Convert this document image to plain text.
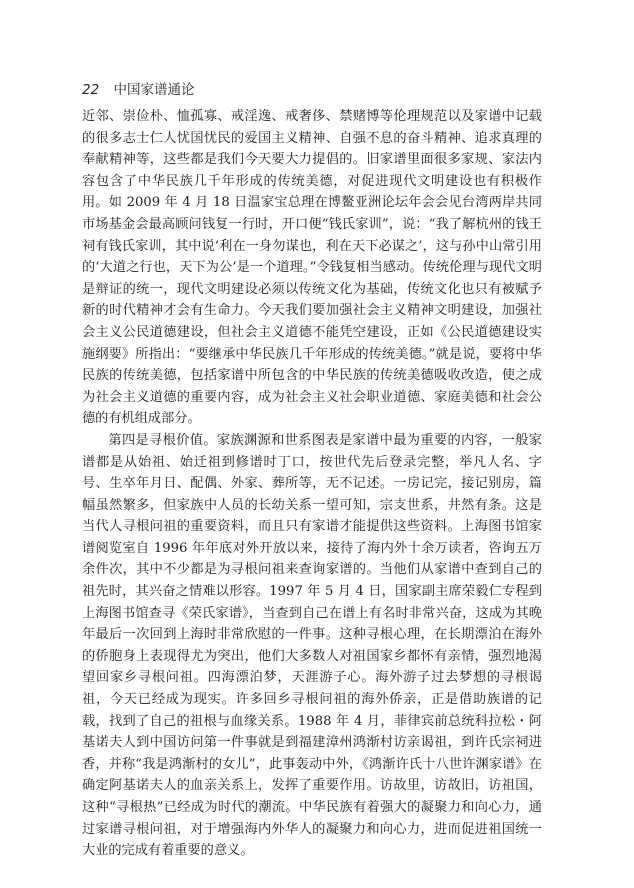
22 中国家谱通论

近邻、崇俭朴、恤孤寡、戒淫逸、戒奢侈、禁赌博等伦理规范以及家谱中记载的很多志士仁人忧国忧民的爱国主义精神、自强不息的奋斗精神、追求真理的奉献精神等，这些都是我们今天要大力提倡的。旧家谱里面很多家规、家法内容包含了中华民族几千年形成的传统美德，对促进现代文明建设也有积极作用。如 2009 年 4 月 18 日温家宝总理在博鳌亚洲论坛年会会见台湾两岸共同市场基金会最高顾问钱复一行时，开口便“钱氏家训”，说：“我了解杭州的钱王祠有钱氏家训，其中说‘利在一身勿谋也，利在天下必谋之’，这与孙中山常引用的‘大道之行也，天下为公’是一个道理。”令钱复相当感动。传统伦理与现代文明是辩证的统一，现代文明建设必须以传统文化为基础，传统文化也只有被赋予新的时代精神才会有生命力。今天我们要加强社会主义精神文明建设，加强社会主义公民道德建设，但社会主义道德不能凭空建设，正如《公民道德建设实施纲要》所指出：“要继承中华民族几千年形成的传统美德。”就是说，要将中华民族的传统美德，包括家谱中所包含的中华民族的传统美德吸收改造，使之成为社会主义道德的重要内容，成为社会主义社会职业道德、家庭美德和社会公德的有机组成部分。

第四是寻根价值。家族渊源和世系图表是家谱中最为重要的内容，一般家谱都是从始祖、始迁祖到修谱时丁口，按世代先后登录完整，举凡人名、字号、生卒年月日、配偶、外家、葬所等，无不记述。一房记完，接记别房，篇幅虽然繁多，但家族中人员的长幼关系一望可知，宗支世系，井然有条。这是当代人寻根问祖的重要资料，而且只有家谱才能提供这些资料。上海图书馆家谱阅览室自 1996 年年底对外开放以来，接待了海内外十余万读者，咨询五万余件次，其中不少都是为寻根问祖来查询家谱的。当他们从家谱中查到自己的祖先时，其兴奋之情难以形容。1997 年 5 月 4 日，国家副主席荣毅仁专程到上海图书馆查寻《荣氏家谱》，当查到自己在谱上有名时非常兴奋，这成为其晚年最后一次回到上海时非常欣慰的一件事。这种寻根心理，在长期漂泊在海外的侨胞身上表现得尤为突出，他们大多数人对祖国家乡都怀有亲情，强烈地渴望回家乡寻根问祖。四海漂泊梦，天涯游子心。海外游子过去梦想的寻根谒祖，今天已经成为现实。许多回乡寻根问祖的海外侨亲，正是借助族谱的记载，找到了自己的祖根与血缘关系。1988 年 4 月，菲律宾前总统科拉松・阿基诺夫人到中国访问第一件事就是到福建漳州鸿渐村访亲谒祖，到许氏宗祠进香，并称“我是鸿渐村的女儿”，此事轰动中外，《鸿渐许氏十八世许渊家谱》在确定阿基诺夫人的血亲关系上，发挥了重要作用。访故里，访故旧，访祖国，这种“寻根热”已经成为时代的潮流。中华民族有着强大的凝聚力和向心力，通过家谱寻根问祖，对于增强海内外华人的凝聚力和向心力，进而促进祖国统一大业的完成有着重要的意义。
